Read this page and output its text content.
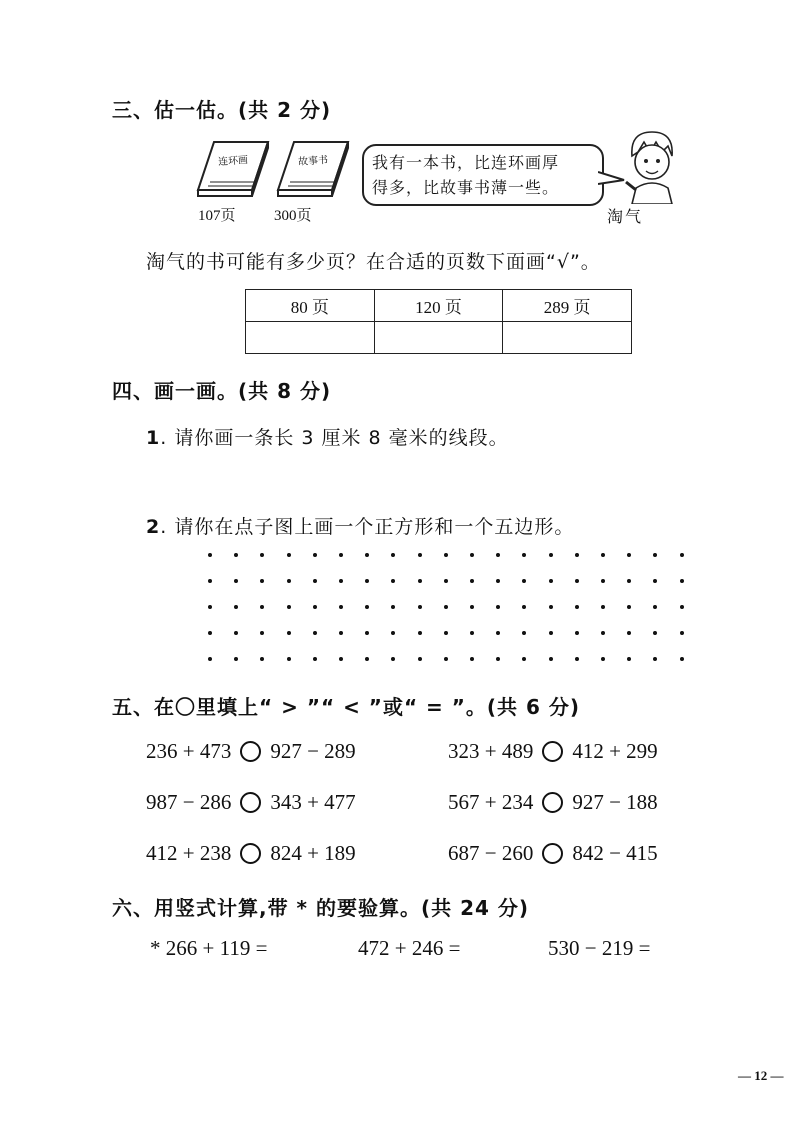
三、估一估。(共 2 分)
连环画	故事书
107页	300页
我有一本书，比连环画厚
得多，比故事书薄一些。
淘气
淘气的书可能有多少页？在合适的页数下面画“√”。
80 页	120 页	289 页

四、画一画。(共 8 分)
1. 请你画一条长 3 厘米 8 毫米的线段。
2. 请你在点子图上画一个正方形和一个五边形。
五、在〇里填上“ > ”“ < ”或“ = ”。(共 6 分)
236 + 473 927 − 289	323 + 489 412 + 299
987 − 286 343 + 477	567 + 234 927 − 188
412 + 238 824 + 189	687 − 260 842 − 415
六、用竖式计算,带 * 的要验算。(共 24 分)
* 266 + 119 =	472 + 246 =	530 − 219 =
— 12 —
